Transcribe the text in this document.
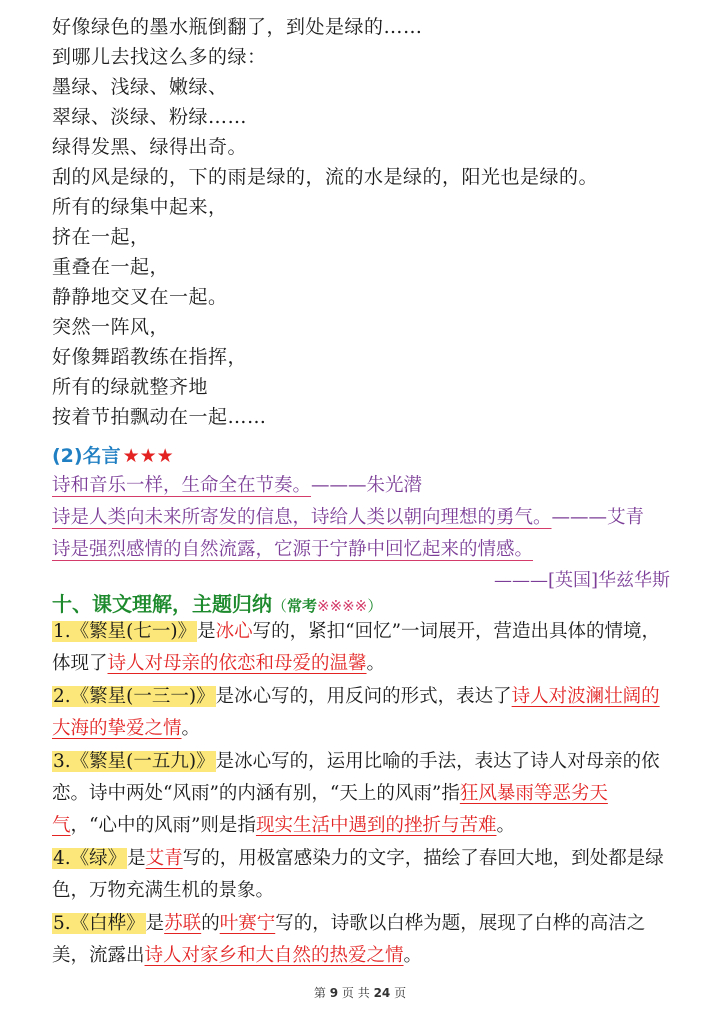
好像绿色的墨水瓶倒翻了，到处是绿的……
到哪儿去找这么多的绿：
墨绿、浅绿、嫩绿、
翠绿、淡绿、粉绿……
绿得发黑、绿得出奇。
刮的风是绿的，下的雨是绿的，流的水是绿的，阳光也是绿的。
所有的绿集中起来，
挤在一起，
重叠在一起，
静静地交叉在一起。
突然一阵风，
好像舞蹈教练在指挥，
所有的绿就整齐地
按着节拍飘动在一起……
(2)名言 ★★★
诗和音乐一样，生命全在节奏。———朱光潜
诗是人类向未来所寄发的信息，诗给人类以朝向理想的勇气。———艾青
诗是强烈感情的自然流露，它源于宁静中回忆起来的情感。
———[英国]华兹华斯
十、课文理解，主题归纳（常考※※※※）
1.《繁星(七一)》是冰心写的，紧扣“回忆”一词展开，营造出具体的情境，体现了诗人对母亲的依恋和母爱的温馨。
2.《繁星(一三一)》是冰心写的，用反问的形式，表达了诗人对波澜壮阔的大海的挚爱之情。
3.《繁星(一五九)》是冰心写的，运用比喻的手法，表达了诗人对母亲的依恋。诗中两处“风雨”的内涵有别，“天上的风雨”指狂风暴雨等恶劣天气，“心中的风雨”则是指现实生活中遇到的挫折与苦难。
4.《绿》是艾青写的，用极富感染力的文字，描绘了春回大地，到处都是绿色，万物充满生机的景象。
5.《白桦》是苏联的叶赛宁写的，诗歌以白桦为题，展现了白桦的高洁之美，流露出诗人对家乡和大自然的热爱之情。
第 9 页 共 24 页
